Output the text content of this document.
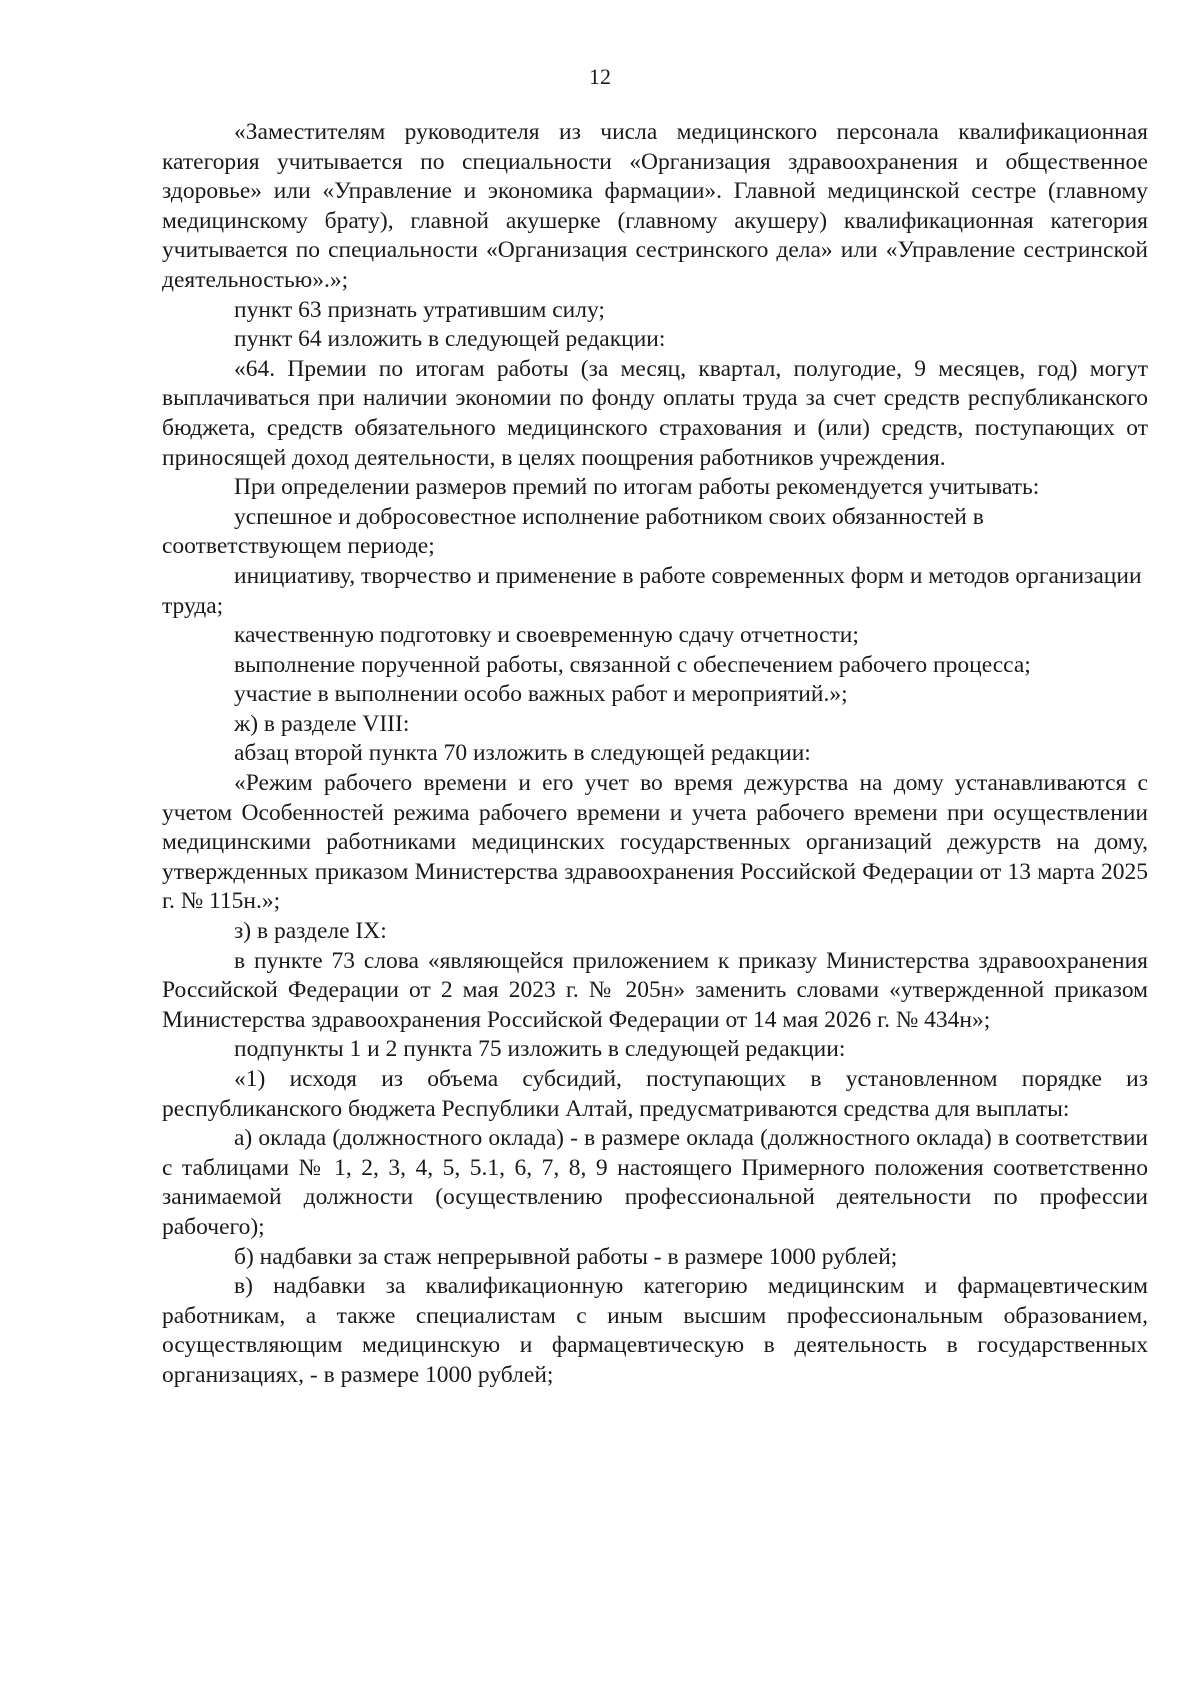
12

«Заместителям руководителя из числа медицинского персонала квалификационная категория учитывается по специальности «Организация здравоохранения и общественное здоровье» или «Управление и экономика фармации». Главной медицинской сестре (главному медицинскому брату), главной акушерке (главному акушеру) квалификационная категория учитывается по специальности «Организация сестринского дела» или «Управление сестринской деятельностью».»;

пункт 63 признать утратившим силу;

пункт 64 изложить в следующей редакции:

«64. Премии по итогам работы (за месяц, квартал, полугодие, 9 месяцев, год) могут выплачиваться при наличии экономии по фонду оплаты труда за счет средств республиканского бюджета, средств обязательного медицинского страхования и (или) средств, поступающих от приносящей доход деятельности, в целях поощрения работников учреждения.

При определении размеров премий по итогам работы рекомендуется учитывать:

успешное и добросовестное исполнение работником своих обязанностей в соответствующем периоде;

инициативу, творчество и применение в работе современных форм и методов организации труда;

качественную подготовку и своевременную сдачу отчетности;

выполнение порученной работы, связанной с обеспечением рабочего процесса;

участие в выполнении особо важных работ и мероприятий.»;

ж) в разделе VIII:

абзац второй пункта 70 изложить в следующей редакции:

«Режим рабочего времени и его учет во время дежурства на дому устанавливаются с учетом Особенностей режима рабочего времени и учета рабочего времени при осуществлении медицинскими работниками медицинских государственных организаций дежурств на дому, утвержденных приказом Министерства здравоохранения Российской Федерации от 13 марта 2025 г. № 115н.»;

з) в разделе IX:

в пункте 73 слова «являющейся приложением к приказу Министерства здравоохранения Российской Федерации от 2 мая 2023 г. № 205н» заменить словами «утвержденной приказом Министерства здравоохранения Российской Федерации от 14 мая 2026 г. № 434н»;

подпункты 1 и 2 пункта 75 изложить в следующей редакции:

«1) исходя из объема субсидий, поступающих в установленном порядке из республиканского бюджета Республики Алтай, предусматриваются средства для выплаты:

а) оклада (должностного оклада) - в размере оклада (должностного оклада) в соответствии с таблицами № 1, 2, 3, 4, 5, 5.1, 6, 7, 8, 9 настоящего Примерного положения соответственно занимаемой должности (осуществлению профессиональной деятельности по профессии рабочего);

б) надбавки за стаж непрерывной работы - в размере 1000 рублей;

в) надбавки за квалификационную категорию медицинским и фармацевтическим работникам, а также специалистам с иным высшим профессиональным образованием, осуществляющим медицинскую и фармацевтическую в деятельность в государственных организациях, - в размере 1000 рублей;
